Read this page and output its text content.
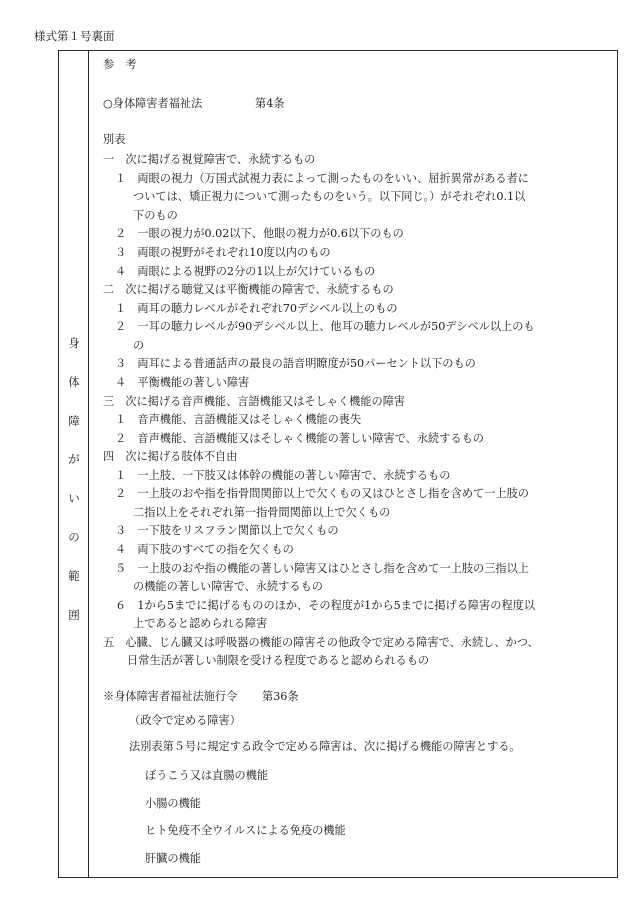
様式第１号裏面
身
体
障
が
い
の
範
囲
参　考
○身体障害者福祉法	第4条
別表
一　次に掲げる視覚障害で、永続するもの
１　両眼の視力（万国式試視力表によって測ったものをいい、屈折異常がある者に
ついては、矯正視力について測ったものをいう。以下同じ。）がそれぞれ0.1以
下のもの
２　一眼の視力が0.02以下、他眼の視力が0.6以下のもの
３　両眼の視野がそれぞれ10度以内のもの
４　両眼による視野の2分の1以上が欠けているもの
二　次に掲げる聴覚又は平衡機能の障害で、永続するもの
１　両耳の聴力レベルがそれぞれ70デシベル以上のもの
２　一耳の聴力レベルが90デシベル以上、他耳の聴力レベルが50デシベル以上のも
の
３　両耳による普通話声の最良の語音明瞭度が50パーセント以下のもの
４　平衡機能の著しい障害
三　次に掲げる音声機能、言語機能又はそしゃく機能の障害
１　音声機能、言語機能又はそしゃく機能の喪失
２　音声機能、言語機能又はそしゃく機能の著しい障害で、永続するもの
四　次に掲げる肢体不自由
１　一上肢、一下肢又は体幹の機能の著しい障害で、永続するもの
２　一上肢のおや指を指骨間関節以上で欠くもの又はひとさし指を含めて一上肢の
二指以上をそれぞれ第一指骨間関節以上で欠くもの
３　一下肢をリスフラン関節以上で欠くもの
４　両下肢のすべての指を欠くもの
５　一上肢のおや指の機能の著しい障害又はひとさし指を含めて一上肢の三指以上
の機能の著しい障害で、永続するもの
６　1から5までに掲げるもののほか、その程度が1から5までに掲げる障害の程度以
上であると認められる障害
五　心臓、じん臓又は呼吸器の機能の障害その他政令で定める障害で、永続し、かつ、
日常生活が著しい制限を受ける程度であると認められるもの
※身体障害者福祉法施行令 第36条
（政令で定める障害）
法別表第５号に規定する政令で定める障害は、次に掲げる機能の障害とする。
ぼうこう又は直腸の機能
小腸の機能
ヒト免疫不全ウイルスによる免疫の機能
肝臓の機能
